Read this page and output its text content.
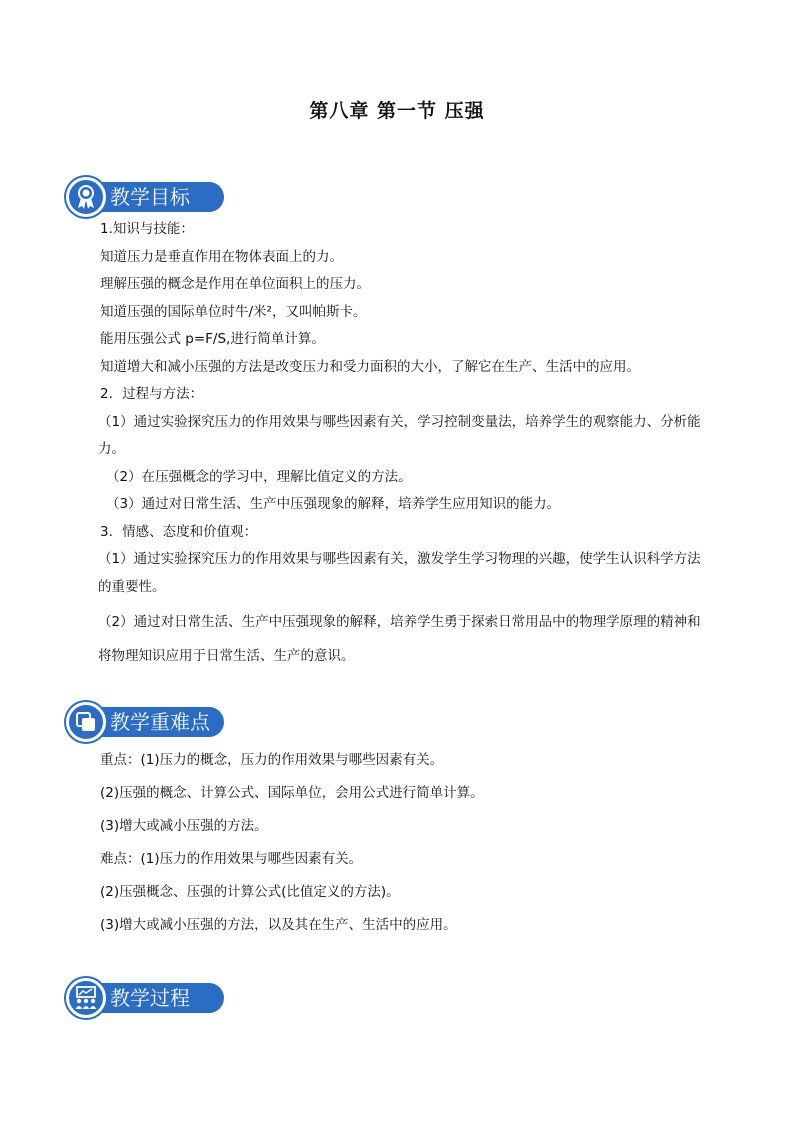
第八章 第一节 压强
教学目标
1.知识与技能：
知道压力是垂直作用在物体表面上的力。
理解压强的概念是作用在单位面积上的压力。
知道压强的国际单位时牛/米²，又叫帕斯卡。
能用压强公式 p=F/S,进行简单计算。
知道增大和减小压强的方法是改变压力和受力面积的大小，了解它在生产、生活中的应用。
2．过程与方法：
（1）通过实验探究压力的作用效果与哪些因素有关，学习控制变量法，培养学生的观察能力、分析能力。
（2）在压强概念的学习中，理解比值定义的方法。
（3）通过对日常生活、生产中压强现象的解释，培养学生应用知识的能力。
3．情感、态度和价值观：
（1）通过实验探究压力的作用效果与哪些因素有关，激发学生学习物理的兴趣，使学生认识科学方法的重要性。
（2）通过对日常生活、生产中压强现象的解释，培养学生勇于探索日常用品中的物理学原理的精神和将物理知识应用于日常生活、生产的意识。
教学重难点
重点：(1)压力的概念，压力的作用效果与哪些因素有关。
(2)压强的概念、计算公式、国际单位，会用公式进行简单计算。
(3)增大或减小压强的方法。
难点：(1)压力的作用效果与哪些因素有关。
(2)压强概念、压强的计算公式(比值定义的方法)。
(3)增大或减小压强的方法，以及其在生产、生活中的应用。
教学过程
